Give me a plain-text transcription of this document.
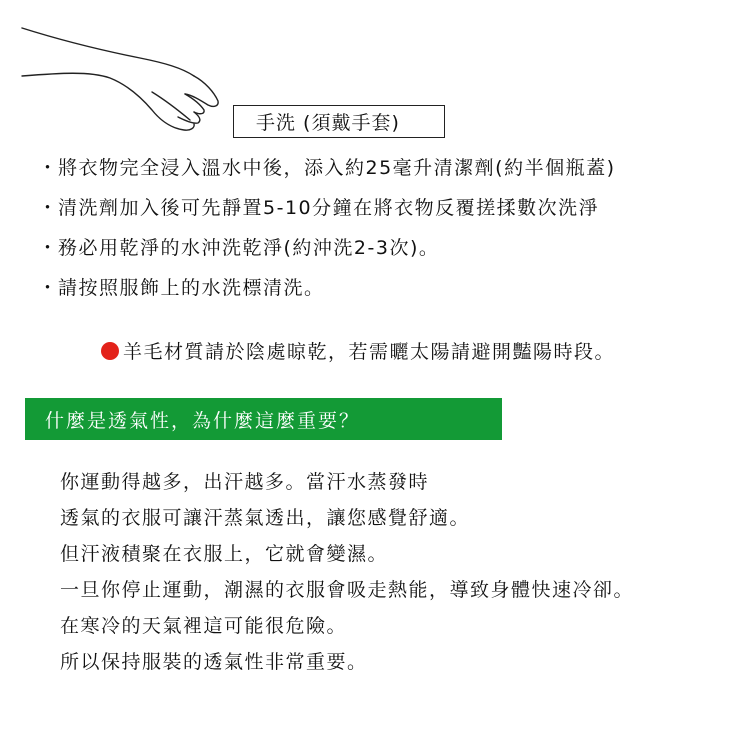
手洗 (須戴手套)
・ 將衣物完全浸入溫水中後，添入約25毫升清潔劑(約半個瓶蓋)
・ 清洗劑加入後可先靜置5-10分鐘在將衣物反覆搓揉數次洗淨
・ 務必用乾淨的水沖洗乾淨(約沖洗2-3次)。
・ 請按照服飾上的水洗標清洗。
羊毛材質請於陰處晾乾，若需曬太陽請避開豔陽時段。
什麼是透氣性，為什麼這麼重要？
你運動得越多，出汗越多。當汗水蒸發時
透氣的衣服可讓汗蒸氣透出，讓您感覺舒適。
但汗液積聚在衣服上，它就會變濕。
一旦你停止運動，潮濕的衣服會吸走熱能，導致身體快速冷卻。
在寒冷的天氣裡這可能很危險。
所以保持服裝的透氣性非常重要。
